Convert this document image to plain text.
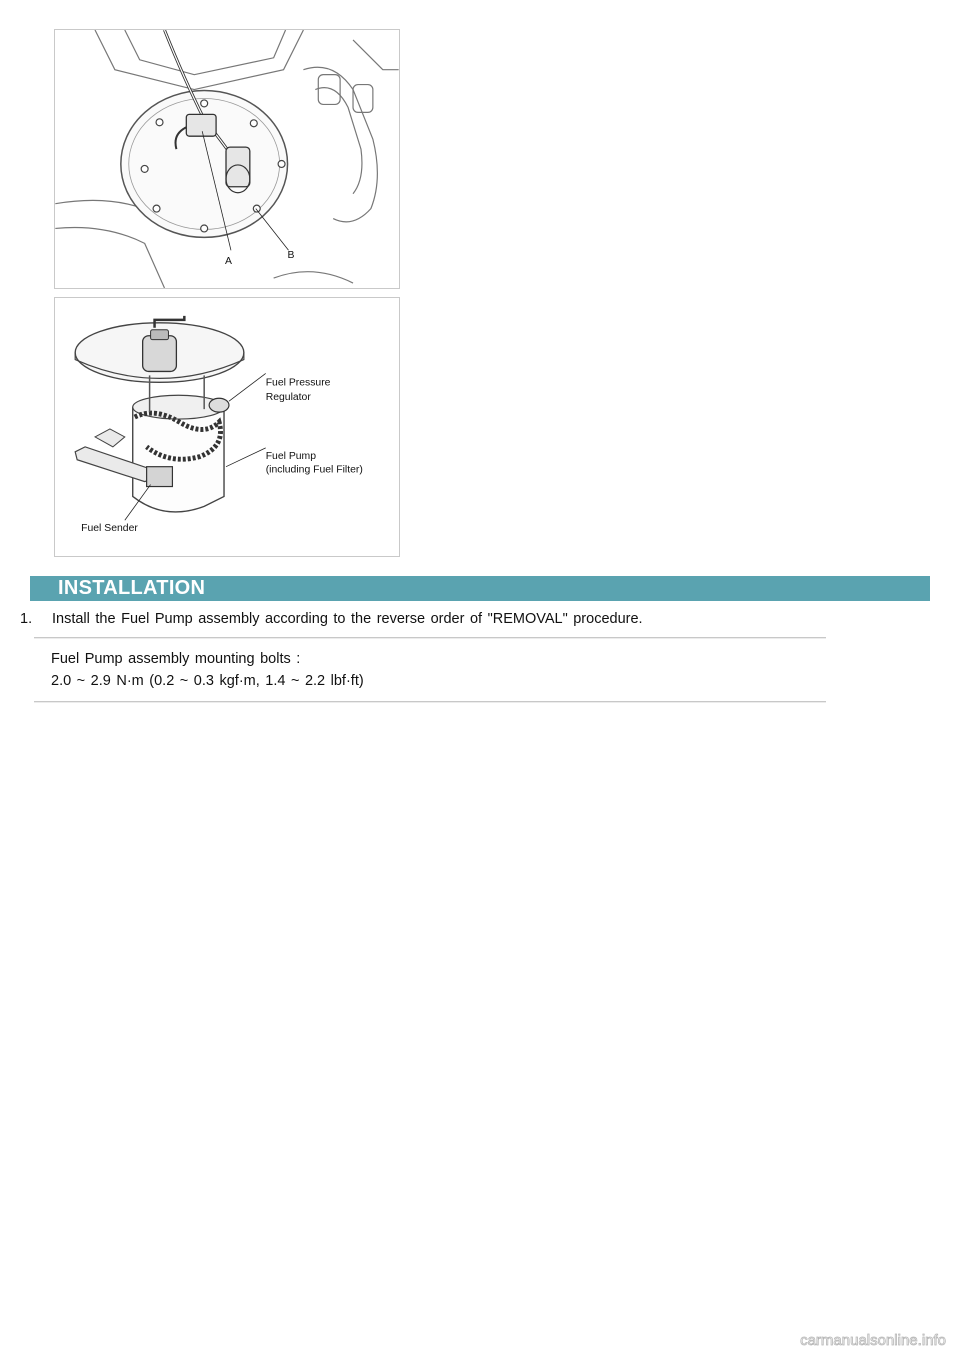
A
B
Fuel Pressure
Regulator
Fuel Pump
(including Fuel Filter)
Fuel Sender
INSTALLATION
1. Install the Fuel Pump assembly according to the reverse order of "REMOVAL" procedure.
Fuel Pump assembly mounting bolts :
2.0 ~ 2.9 N·m (0.2 ~ 0.3 kgf·m, 1.4 ~ 2.2 lbf·ft)
carmanualsonline.info
